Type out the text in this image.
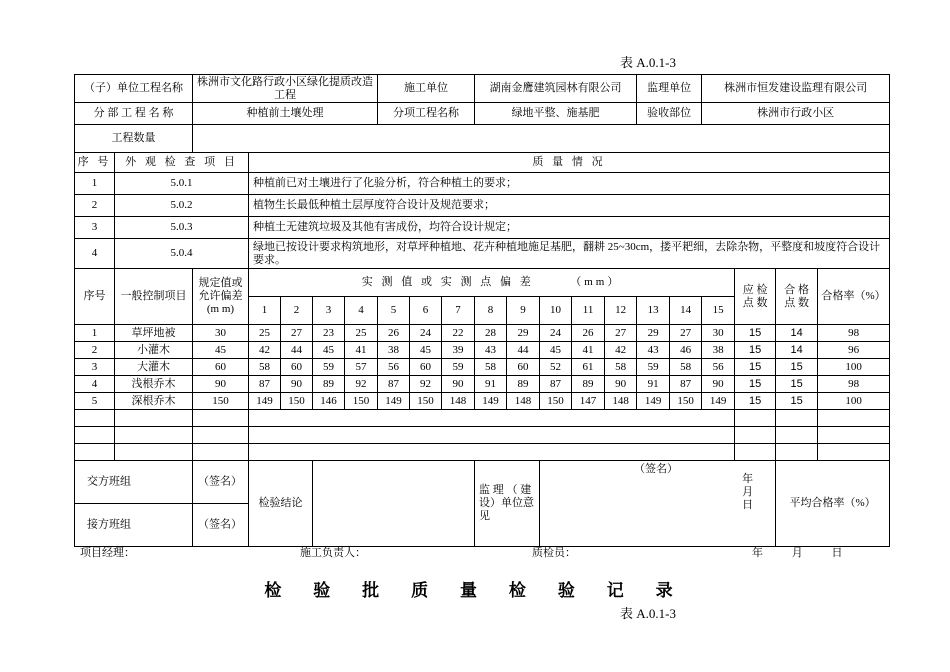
表 A.0.1-3
（子）单位工程名称		株洲市文化路行政小区绿化提质改造工程					施工单位			湖南金鹰建筑园林有限公司					监理单位		株洲市恒发建设监理有限公司				
分 部 工 程 名 称		种植前土壤处理					分项工程名称			绿地平整、施基肥					验收部位		株洲市行政小区				
工程数量																					
序 号	外 观 检 查 项 目		质 量 情 况																		
1	5.0.1		种植前已对土壤进行了化验分析，符合种植土的要求；																		
2	5.0.2		植物生长最低种植土层厚度符合设计及规范要求；																		
3	5.0.3		种植土无建筑垃圾及其他有害成份，均符合设计规定；																		
4	5.0.4		绿地已按设计要求构筑地形，对草坪种植地、花卉种植地施足基肥，翻耕 25~30cm，搂平耙细，去除杂物，平整度和坡度符合设计要求。																		
序号	一般控制项目	规定值或允许偏差(m m)	实 测 值 或 实 测 点 偏 差　　　（mm）															应 检 点 数	合 格 点 数	合格率（%）	
			1	2	3	4	5	6	7	8	9	10	11	12	13	14	15				
1	草坪地被	30	25	27	23	25	26	24	22	28	29	24	26	27	29	27	30	15	14	98	
2	小灌木	45	42	44	45	41	38	45	39	43	44	45	41	42	43	46	38	15	14	96	
3	大灌木	60	58	60	59	57	56	60	59	58	60	52	61	58	59	58	56	15	15	100	
4	浅根乔木	90	87	90	89	92	87	92	90	91	89	87	89	90	91	87	90	15	15	98	
5	深根乔木	150	149	150	146	150	149	150	148	149	148	150	147	148	149	150	149	15	15	100	

交方班组		（签名）	检验结论							监 理 （ 建 设）单位意见		（签名）
年月日							平均合格率（%）	

接方班组		（签名）																			
项目经理：	施工负责人：	质检员：	年 月 日
检 验 批 质 量 检 验 记 录
表 A.0.1-3
